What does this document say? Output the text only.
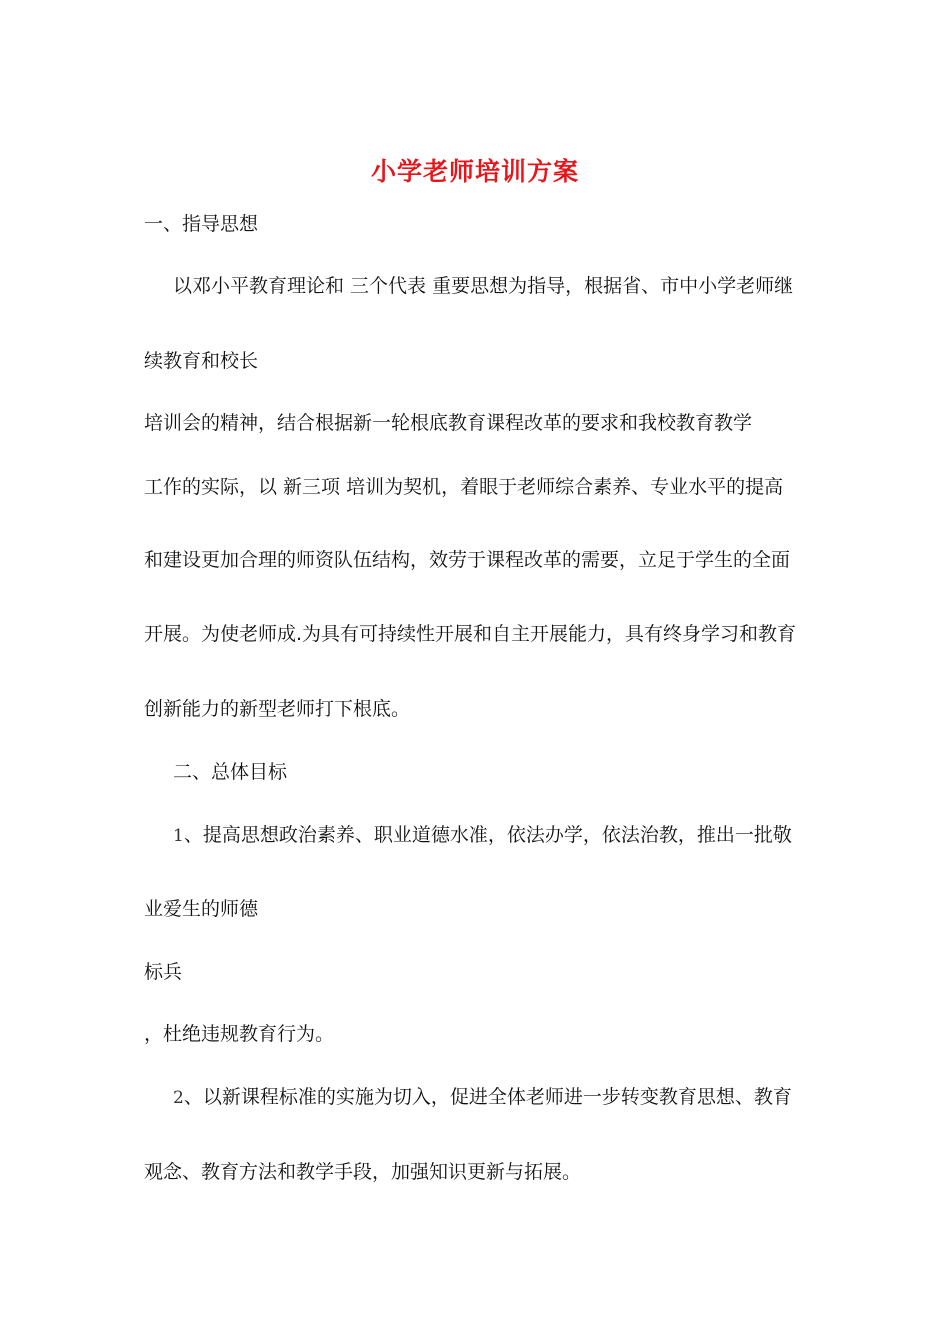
小学老师培训方案
一、指导思想
以邓小平教育理论和 三个代表 重要思想为指导，根据省、市中小学老师继
续教育和校长
培训会的精神，结合根据新一轮根底教育课程改革的要求和我校教育教学
工作的实际，以 新三项 培训为契机，着眼于老师综合素养、专业水平的提高
和建设更加合理的师资队伍结构，效劳于课程改革的需要，立足于学生的全面
开展。为使老师成.为具有可持续性开展和自主开展能力，具有终身学习和教育
创新能力的新型老师打下根底。
二、总体目标
1、提高思想政治素养、职业道德水准，依法办学，依法治教，推出一批敬
业爱生的师德
标兵
，杜绝违规教育行为。
2、以新课程标准的实施为切入，促进全体老师进一步转变教育思想、教育
观念、教育方法和教学手段，加强知识更新与拓展。
